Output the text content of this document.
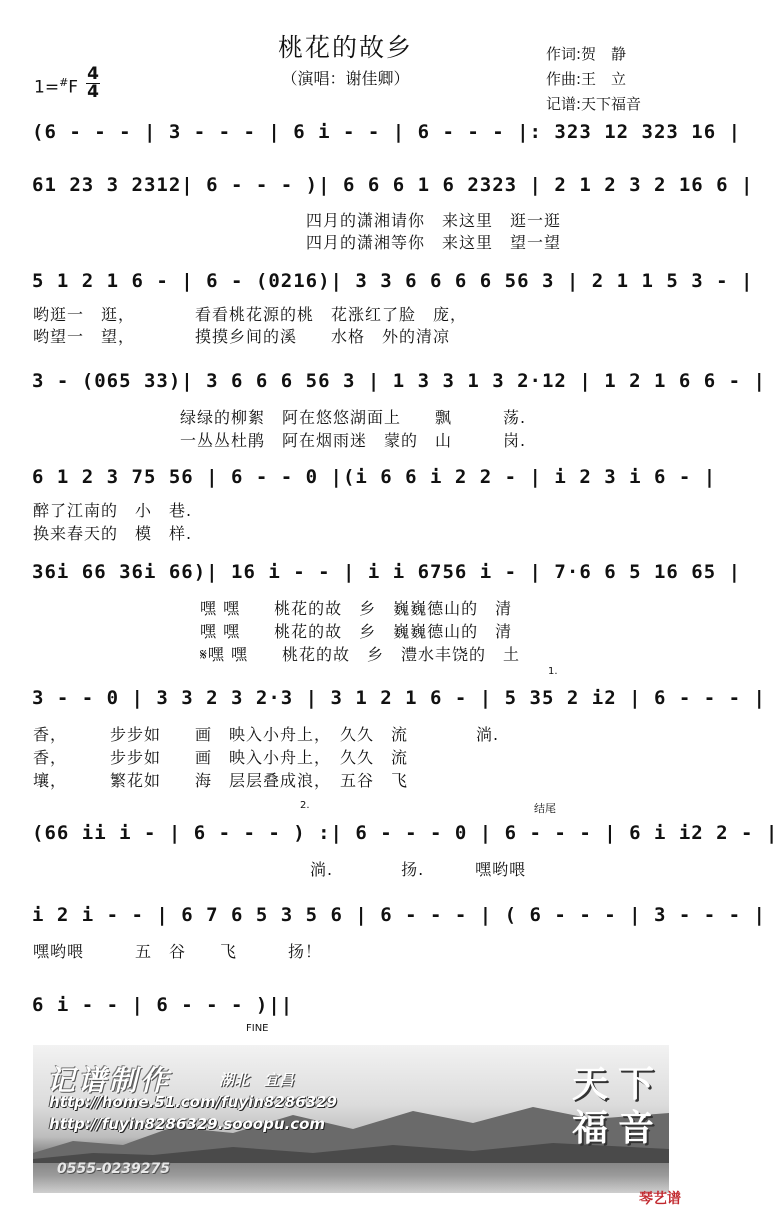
桃花的故乡
（演唱：谢佳卿）
1=#F
4
4
作词:贺　静
作曲:王　立
记谱:天下福音
(6 - - - | 3 - - - | 6 i - - | 6 - - - |: 323 12 323 16 |
61 23 3 2312| 6 - - - )| 6 6 6 1 6 2323 | 2 1 2 3 2 16 6 |
四月的潇湘请你　来这里　逛一逛
四月的潇湘等你　来这里　望一望
5 1 2 1 6 - | 6 - (0216)| 3 3 6 6 6 6 56 3 | 2 1 1 5 3 - |
哟逛一　逛，　　　　看看桃花源的桃　花涨红了脸　庞，
哟望一　望，　　　　摸摸乡间的溪　　水格　外的清凉
3 - (065 33)| 3 6 6 6 56 3 | 1 3 3 1 3 2·12 | 1 2 1 6 6 - |
绿绿的柳絮　阿在悠悠湖面上　　飘　　　荡.
一丛丛杜鹃　阿在烟雨迷　蒙的　山　　　岗.
6 1 2 3 75 56 | 6 - - 0 |(i 6 6 i 2 2 - | i 2 3 i 6 - |
醉了江南的　小　巷.
换来春天的　模　样.
36i 66 36i 66)| 16 i - - | i i 6756 i - | 7·6 6 5 16 65 |
嘿 嘿　　桃花的故　乡　巍巍德山的　清
嘿 嘿　　桃花的故　乡　巍巍德山的　清
𝄋嘿 嘿　　桃花的故　乡　澧水丰饶的　土
1.
3 - - 0 | 3 3 2 3 2·3 | 3 1 2 1 6 - | 5 35 2 i2 | 6 - - - |
香，　　　步步如　　画　映入小舟上，　久久　流　　　　淌.
香，　　　步步如　　画　映入小舟上，　久久　流
壤，　　　繁花如　　海　层层叠成浪，　五谷　飞
2.	结尾
(66 ii i - | 6 - - - ) :| 6 - - - 0 | 6 - - - | 6 i i2 2 - |
淌.　　　　扬.　　　嘿哟喂
i 2 i - - | 6 7 6 5 3 5 6 | 6 - - - | ( 6 - - - | 3 - - - |
嘿哟喂　　　五　谷　　飞　　　扬！
6 i - - | 6 - - - )||
FINE
记谱制作	湖北　宜昌
http://home.51.com/fuyin8286329
http://fuyin8286329.sooopu.com
0555-0239275
天 下
福 音
琴艺谱
